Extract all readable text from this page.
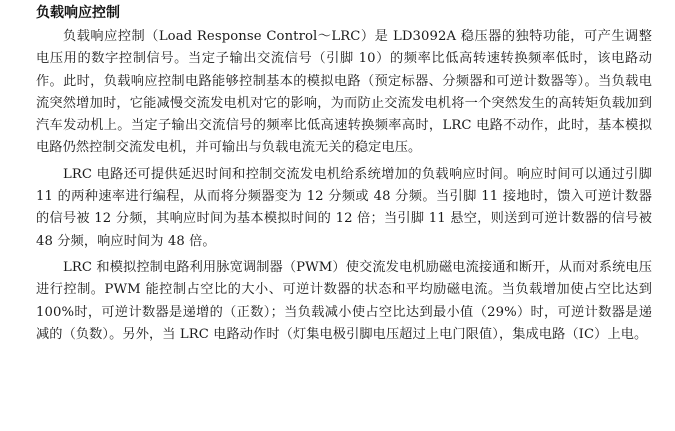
负载响应控制

负载响应控制（Load Response Control～LRC）是 LD3092A 稳压器的独特功能，可产生调整电压用的数字控制信号。当定子输出交流信号（引脚 10）的频率比低高转速转换频率低时，该电路动作。此时，负载响应控制电路能够控制基本的模拟电路（预定标器、分频器和可逆计数器等）。当负载电流突然增加时，它能减慢交流发电机对它的影响，为而防止交流发电机将一个突然发生的高转矩负载加到汽车发动机上。当定子输出交流信号的频率比低高速转换频率高时，LRC 电路不动作，此时，基本模拟电路仍然控制交流发电机，并可输出与负载电流无关的稳定电压。

LRC 电路还可提供延迟时间和控制交流发电机给系统增加的负载响应时间。响应时间可以通过引脚 11 的两种速率进行编程，从而将分频器变为 12 分频或 48 分频。当引脚 11 接地时，馈入可逆计数器的信号被 12 分频，其响应时间为基本模拟时间的 12 倍；当引脚 11 悬空，则送到可逆计数器的信号被 48 分频，响应时间为 48 倍。

LRC 和模拟控制电路利用脉宽调制器（PWM）使交流发电机励磁电流接通和断开，从而对系统电压进行控制。PWM 能控制占空比的大小、可逆计数器的状态和平均励磁电流。当负载增加使占空比达到 100%时，可逆计数器是递增的（正数）；当负载减小使占空比达到最小值（29%）时，可逆计数器是递减的（负数）。另外，当 LRC 电路动作时（灯集电极引脚电压超过上电门限值），集成电路（IC）上电。
